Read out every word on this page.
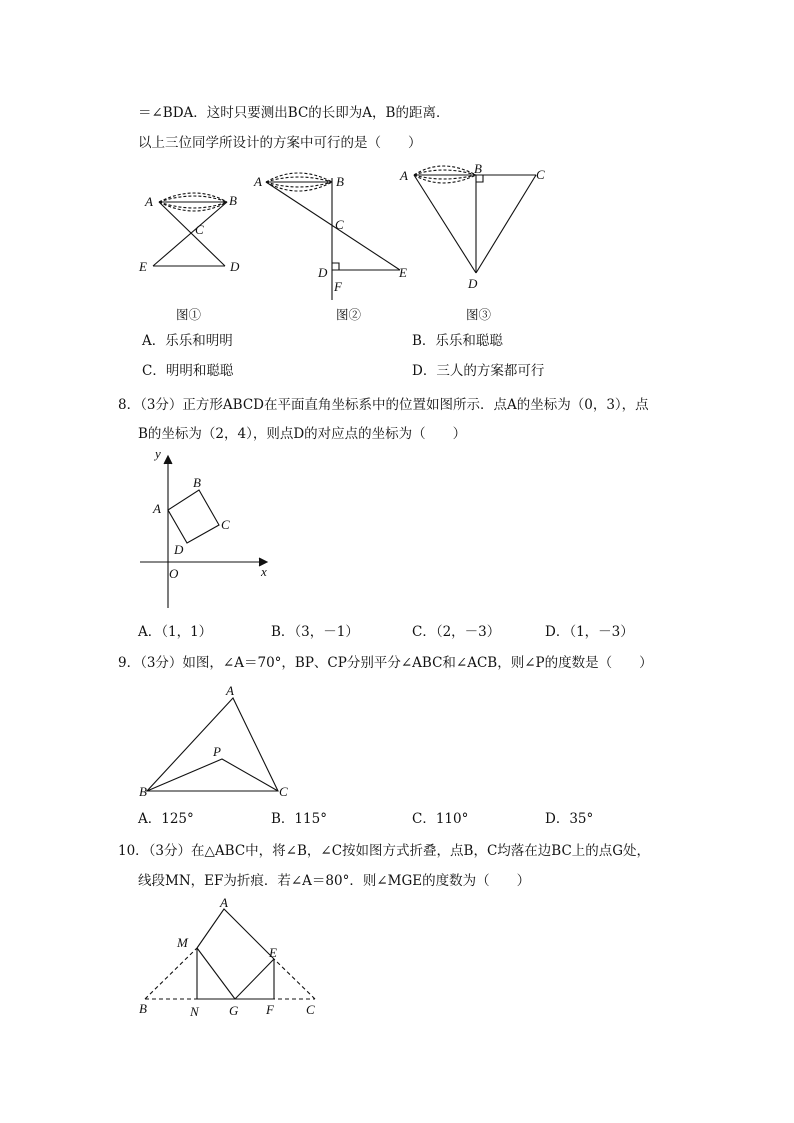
＝∠BDA．这时只要测出BC的长即为A，B的距离．
以上三位同学所设计的方案中可行的是（　　）
A	B
C
E	D
图①
A	B
C
D	E
F
图②
A	B	C
D
图③
A．乐乐和明明	B．乐乐和聪聪
C．明明和聪聪	D．三人的方案都可行
8．（3分）正方形ABCD在平面直角坐标系中的位置如图所示．点A的坐标为（0，3），点
B的坐标为（2，4），则点D的对应点的坐标为（　　）
y
x
O
A
B
C
D
A．（1，1）	B．（3，－1）	C．（2，－3）	D．（1，－3）
9．（3分）如图，∠A＝70°，BP、CP分别平分∠ABC和∠ACB，则∠P的度数是（　　）
A
P
B	C
A．125°	B．115°	C．110°	D．35°
10．（3分）在△ABC中，将∠B，∠C按如图方式折叠，点B，C均落在边BC上的点G处，
线段MN，EF为折痕．若∠A＝80°．则∠MGE的度数为（　　）
A
M
E
B	N G F C
